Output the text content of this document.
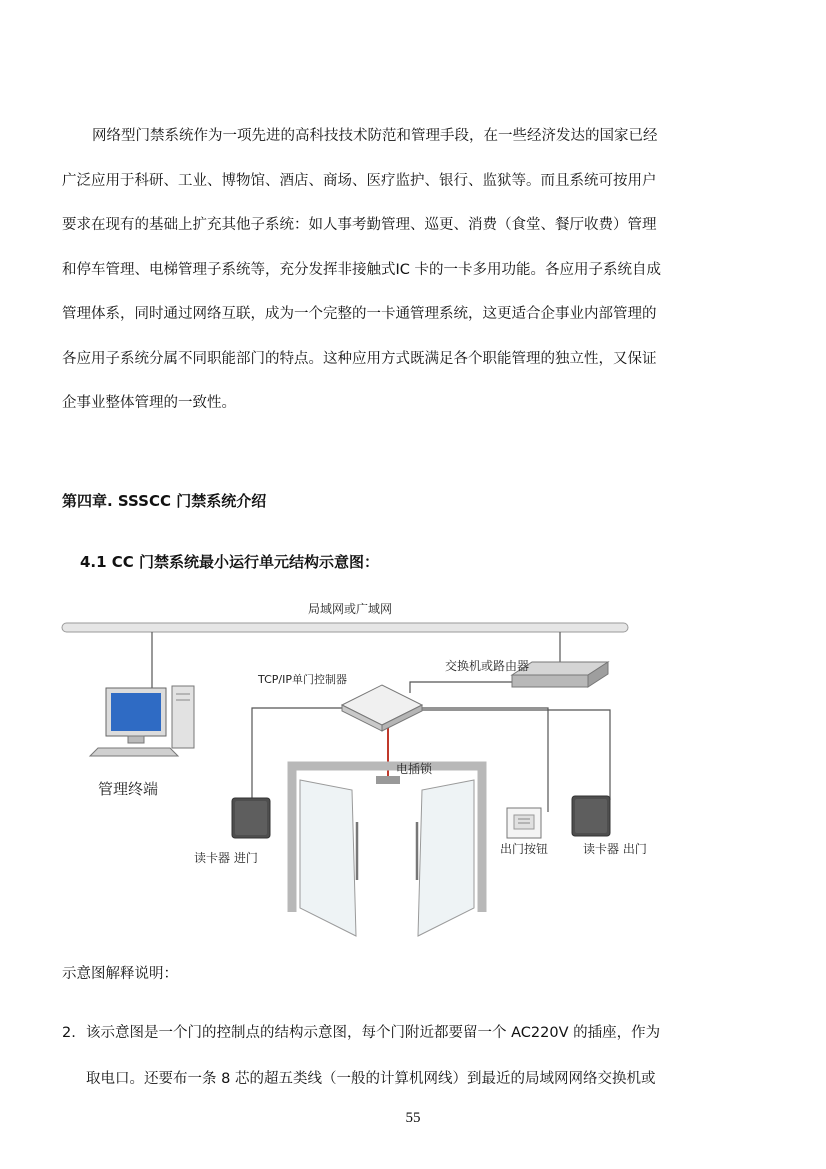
网络型门禁系统作为一项先进的高科技技术防范和管理手段，在一些经济发达的国家已经
广泛应用于科研、工业、博物馆、酒店、商场、医疗监护、银行、监狱等。而且系统可按用户
要求在现有的基础上扩充其他子系统：如人事考勤管理、巡更、消费（食堂、餐厅收费）管理
和停车管理、电梯管理子系统等，充分发挥非接触式IC 卡的一卡多用功能。各应用子系统自成
管理体系，同时通过网络互联，成为一个完整的一卡通管理系统，这更适合企事业内部管理的
各应用子系统分属不同职能部门的特点。这种应用方式既满足各个职能管理的独立性，又保证
企事业整体管理的一致性。
第四章. SSSCC 门禁系统介绍
4.1 CC 门禁系统最小运行单元结构示意图：
局域网或广域网
交换机或路由器
TCP/IP单门控制器
管理终端
电插锁
读卡器 进门
出门按钮	读卡器 出门
示意图解释说明：
2. 该示意图是一个门的控制点的结构示意图，每个门附近都要留一个 AC220V 的插座，作为
取电口。还要布一条 8 芯的超五类线（一般的计算机网线）到最近的局域网网络交换机或
55
